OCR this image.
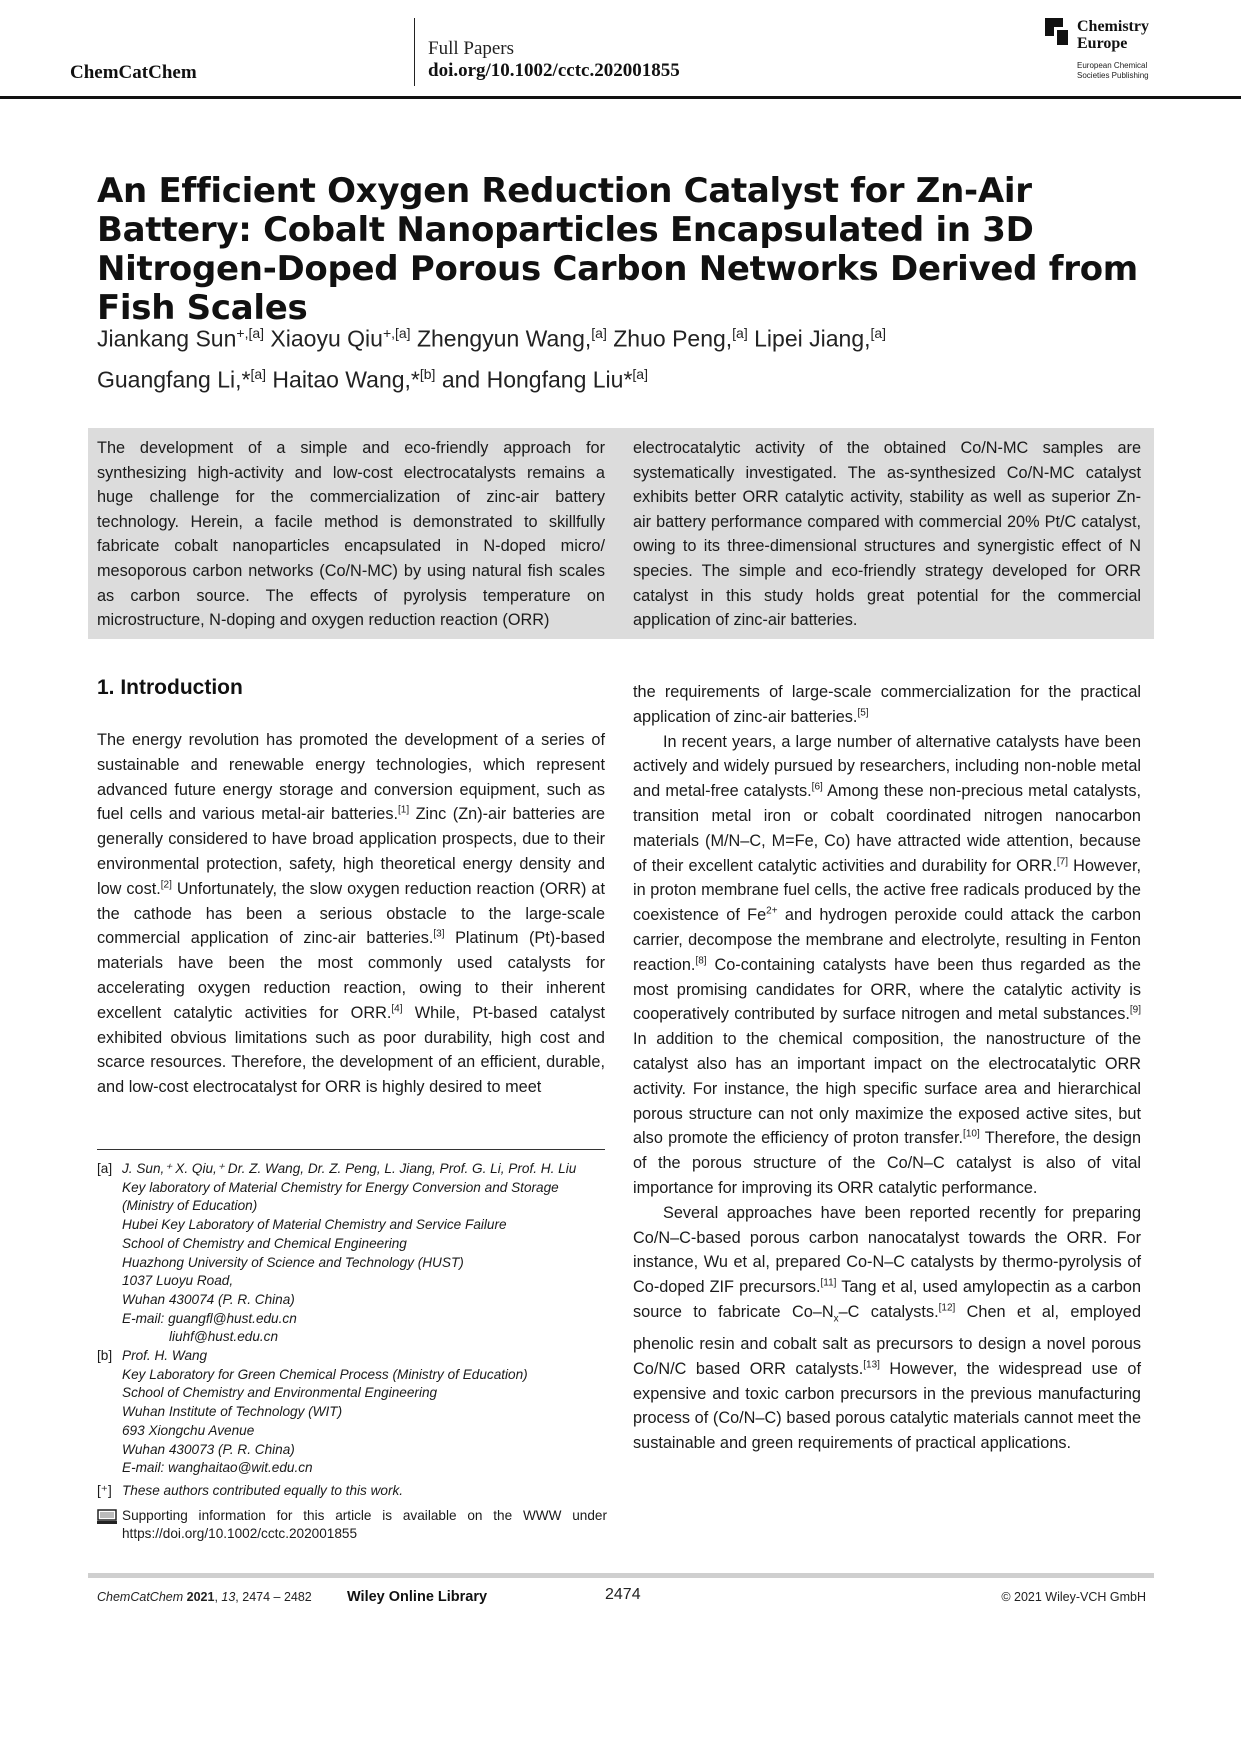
ChemCatChem
Full Papers
doi.org/10.1002/cctc.202001855
Chemistry
Europe
European Chemical
Societies Publishing
An Efficient Oxygen Reduction Catalyst for Zn-Air Battery: Cobalt Nanoparticles Encapsulated in 3D Nitrogen-Doped Porous Carbon Networks Derived from Fish Scales
Jiankang Sun$^{+,[a]}$ Xiaoyu Qiu$^{+,[a]}$ Zhengyun Wang,[a] Zhuo Peng,[a] Lipei Jiang,[a]
Guangfang Li,*[a] Haitao Wang,*[b] and Hongfang Liu*[a]
The development of a simple and eco-friendly approach for synthesizing high-activity and low-cost electrocatalysts remains a huge challenge for the commercialization of zinc-air battery technology. Herein, a facile method is demonstrated to skillfully fabricate cobalt nanoparticles encapsulated in N-doped micro/ mesoporous carbon networks (Co/N-MC) by using natural fish scales as carbon source. The effects of pyrolysis temperature on microstructure, N-doping and oxygen reduction reaction (ORR)
electrocatalytic activity of the obtained Co/N-MC samples are systematically investigated. The as-synthesized Co/N-MC catalyst exhibits better ORR catalytic activity, stability as well as superior Zn-air battery performance compared with commercial 20% Pt/C catalyst, owing to its three-dimensional structures and synergistic effect of N species. The simple and eco-friendly strategy developed for ORR catalyst in this study holds great potential for the commercial application of zinc-air batteries.
1. Introduction

The energy revolution has promoted the development of a series of sustainable and renewable energy technologies, which represent advanced future energy storage and conversion equipment, such as fuel cells and various metal-air batteries.[1] Zinc (Zn)-air batteries are generally considered to have broad application prospects, due to their environmental protection, safety, high theoretical energy density and low cost.[2] Unfortunately, the slow oxygen reduction reaction (ORR) at the cathode has been a serious obstacle to the large-scale commercial application of zinc-air batteries.[3] Platinum (Pt)-based materials have been the most commonly used catalysts for accelerating oxygen reduction reaction, owing to their inherent excellent catalytic activities for ORR.[4] While, Pt-based catalyst exhibited obvious limitations such as poor durability, high cost and scarce resources. Therefore, the development of an efficient, durable, and low-cost electrocatalyst for ORR is highly desired to meet

the requirements of large-scale commercialization for the practical application of zinc-air batteries.[5]

In recent years, a large number of alternative catalysts have been actively and widely pursued by researchers, including non-noble metal and metal-free catalysts.[6] Among these non-precious metal catalysts, transition metal iron or cobalt coordinated nitrogen nanocarbon materials (M/N–C, M=Fe, Co) have attracted wide attention, because of their excellent catalytic activities and durability for ORR.[7] However, in proton membrane fuel cells, the active free radicals produced by the coexistence of $Fe^{2+}$ and hydrogen peroxide could attack the carbon carrier, decompose the membrane and electrolyte, resulting in Fenton reaction.[8] Co-containing catalysts have been thus regarded as the most promising candidates for ORR, where the catalytic activity is cooperatively contributed by surface nitrogen and metal substances.[9] In addition to the chemical composition, the nanostructure of the catalyst also has an important impact on the electrocatalytic ORR activity. For instance, the high specific surface area and hierarchical porous structure can not only maximize the exposed active sites, but also promote the efficiency of proton transfer.[10] Therefore, the design of the porous structure of the Co/N–C catalyst is also of vital importance for improving its ORR catalytic performance.

Several approaches have been reported recently for preparing Co/N–C-based porous carbon nanocatalyst towards the ORR. For instance, Wu et al, prepared Co-N–C catalysts by thermo-pyrolysis of Co-doped ZIF precursors.[11] Tang et al, used amylopectin as a carbon source to fabricate $Co-N_x-C$ catalysts.[12] Chen et al, employed phenolic resin and cobalt salt as precursors to design a novel porous Co/N/C based ORR catalysts.[13] However, the widespread use of expensive and toxic carbon precursors in the previous manufacturing process of (Co/N–C) based porous catalytic materials cannot meet the sustainable and green requirements of practical applications.

[a] J. Sun,⁺ X. Qiu,⁺ Dr. Z. Wang, Dr. Z. Peng, L. Jiang, Prof. G. Li, Prof. H. Liu
Key laboratory of Material Chemistry for Energy Conversion and Storage
(Ministry of Education)
Hubei Key Laboratory of Material Chemistry and Service Failure
School of Chemistry and Chemical Engineering
Huazhong University of Science and Technology (HUST)
1037 Luoyu Road,
Wuhan 430074 (P. R. China)
E-mail: guangfl@hust.edu.cn
liuhf@hust.edu.cn
[b] Prof. H. Wang
Key Laboratory for Green Chemical Process (Ministry of Education)
School of Chemistry and Environmental Engineering
Wuhan Institute of Technology (WIT)
693 Xiongchu Avenue
Wuhan 430073 (P. R. China)
E-mail: wanghaitao@wit.edu.cn
[⁺] These authors contributed equally to this work.
Supporting information for this article is available on the WWW under https://doi.org/10.1002/cctc.202001855
ChemCatChem 2021, 13, 2474 – 2482 Wiley Online Library	2474	© 2021 Wiley-VCH GmbH
